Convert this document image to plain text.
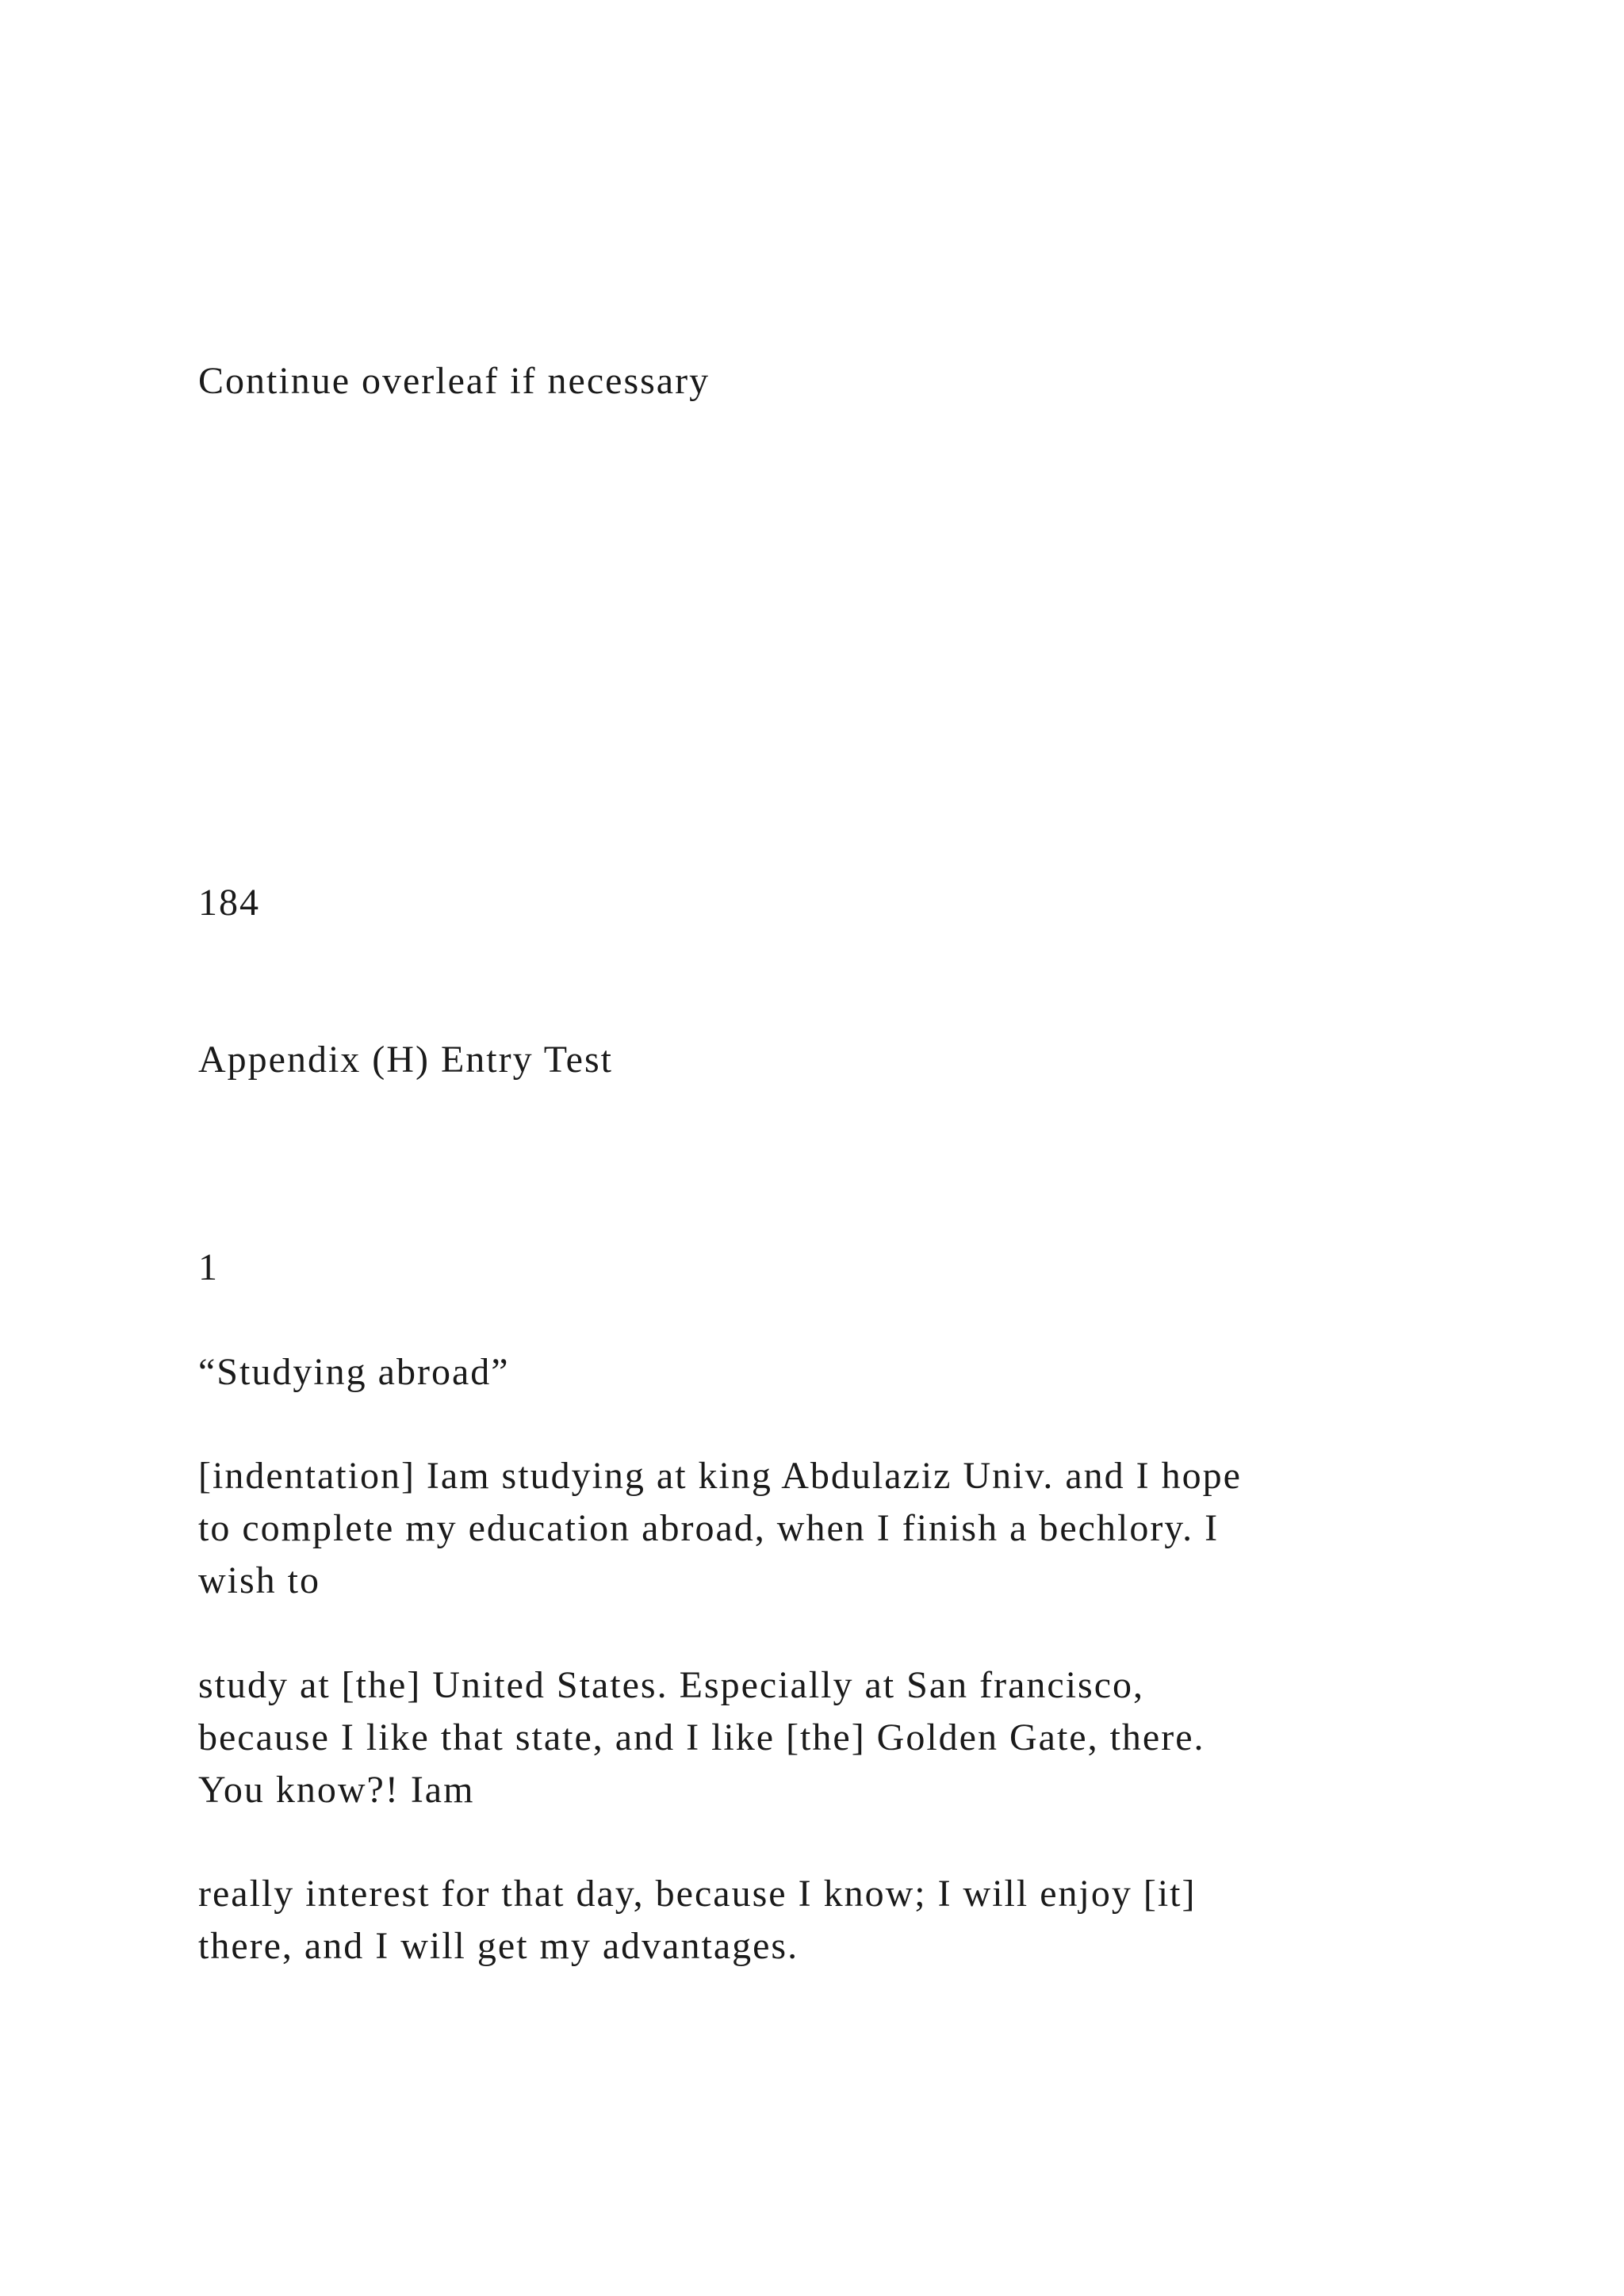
Continue overleaf if necessary

184

Appendix (H) Entry Test

1

“Studying abroad”

[indentation] Iam studying at king Abdulaziz Univ. and I hope
to complete my education abroad, when I finish a bechlory. I
wish to
study at [the] United States. Especially at San francisco,
because I like that state, and I like [the] Golden Gate, there.
You know?! Iam
really interest for that day, because I know; I will enjoy [it]
there, and I will get my advantages.
